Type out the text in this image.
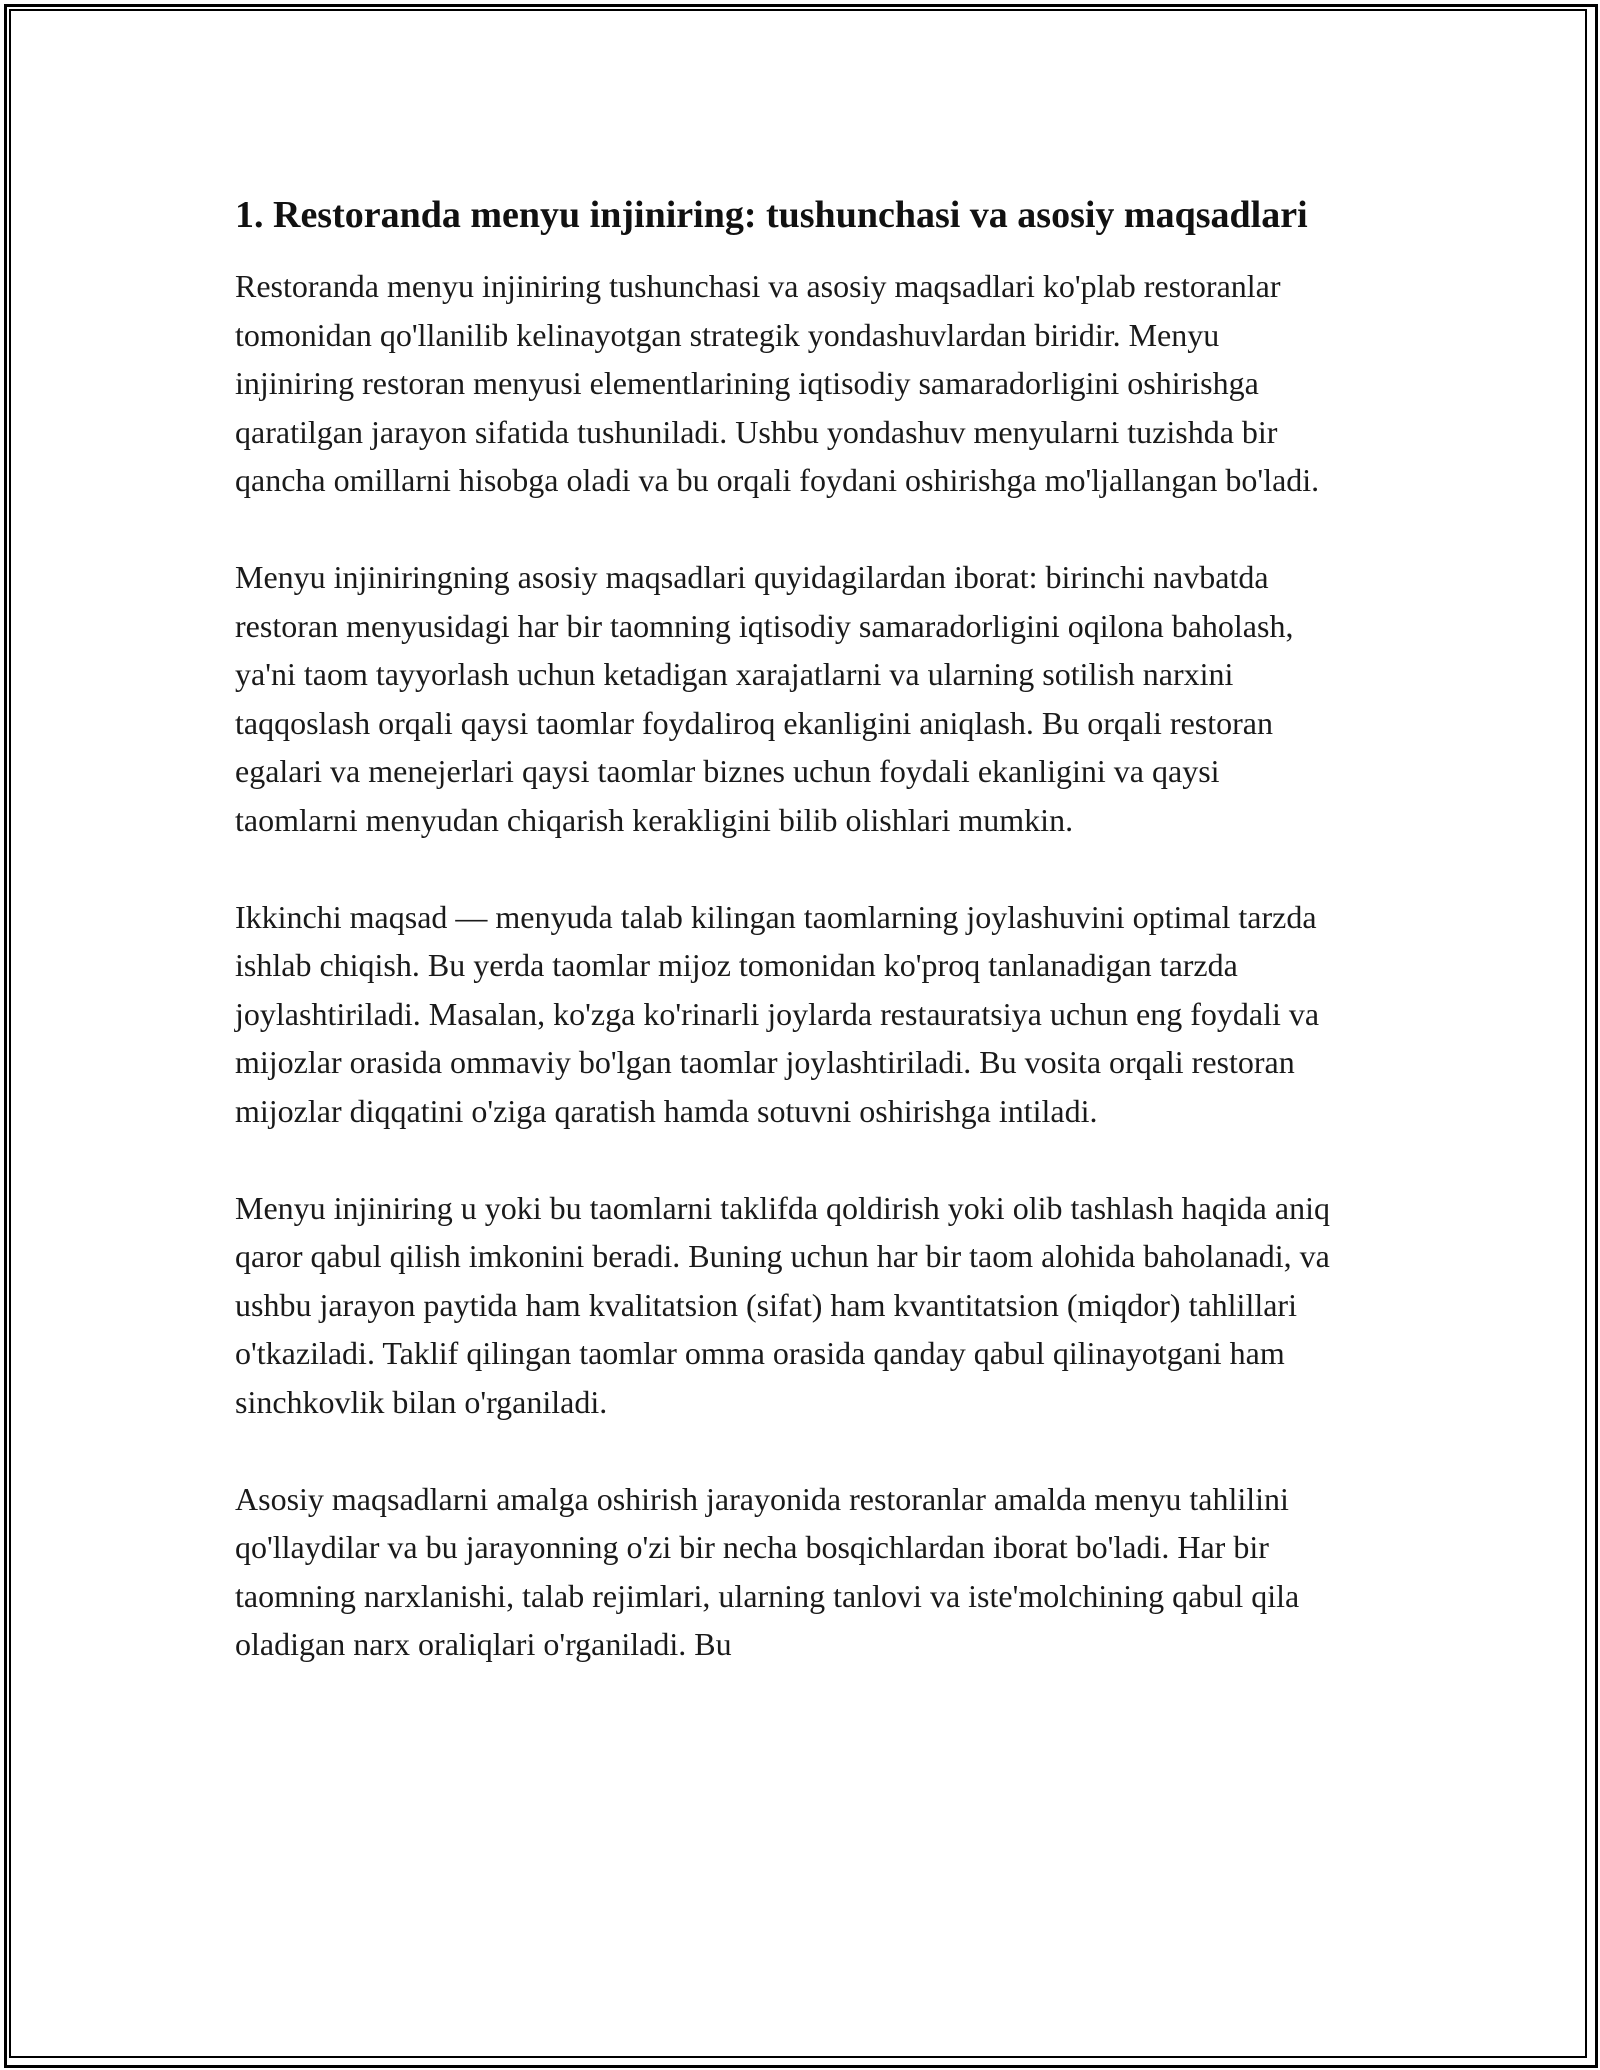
1. Restoranda menyu injiniring: tushunchasi va asosiy maqsadlari

Restoranda menyu injiniring tushunchasi va asosiy maqsadlari ko'plab restoranlar tomonidan qo'llanilib kelinayotgan strategik yondashuvlardan biridir. Menyu injiniring restoran menyusi elementlarining iqtisodiy samaradorligini oshirishga qaratilgan jarayon sifatida tushuniladi. Ushbu yondashuv menyularni tuzishda bir qancha omillarni hisobga oladi va bu orqali foydani oshirishga mo'ljallangan bo'ladi.

Menyu injiniringning asosiy maqsadlari quyidagilardan iborat: birinchi navbatda restoran menyusidagi har bir taomning iqtisodiy samaradorligini oqilona baholash, ya'ni taom tayyorlash uchun ketadigan xarajatlarni va ularning sotilish narxini taqqoslash orqali qaysi taomlar foydaliroq ekanligini aniqlash. Bu orqali restoran egalari va menejerlari qaysi taomlar biznes uchun foydali ekanligini va qaysi taomlarni menyudan chiqarish kerakligini bilib olishlari mumkin.

Ikkinchi maqsad — menyuda talab kilingan taomlarning joylashuvini optimal tarzda ishlab chiqish. Bu yerda taomlar mijoz tomonidan ko'proq tanlanadigan tarzda joylashtiriladi. Masalan, ko'zga ko'rinarli joylarda restauratsiya uchun eng foydali va mijozlar orasida ommaviy bo'lgan taomlar joylashtiriladi. Bu vosita orqali restoran mijozlar diqqatini o'ziga qaratish hamda sotuvni oshirishga intiladi.

Menyu injiniring u yoki bu taomlarni taklifda qoldirish yoki olib tashlash haqida aniq qaror qabul qilish imkonini beradi. Buning uchun har bir taom alohida baholanadi, va ushbu jarayon paytida ham kvalitatsion (sifat) ham kvantitatsion (miqdor) tahlillari o'tkaziladi. Taklif qilingan taomlar omma orasida qanday qabul qilinayotgani ham sinchkovlik bilan o'rganiladi.

Asosiy maqsadlarni amalga oshirish jarayonida restoranlar amalda menyu tahlilini qo'llaydilar va bu jarayonning o'zi bir necha bosqichlardan iborat bo'ladi. Har bir taomning narxlanishi, talab rejimlari, ularning tanlovi va iste'molchining qabul qila oladigan narx oraliqlari o'rganiladi. Bu
